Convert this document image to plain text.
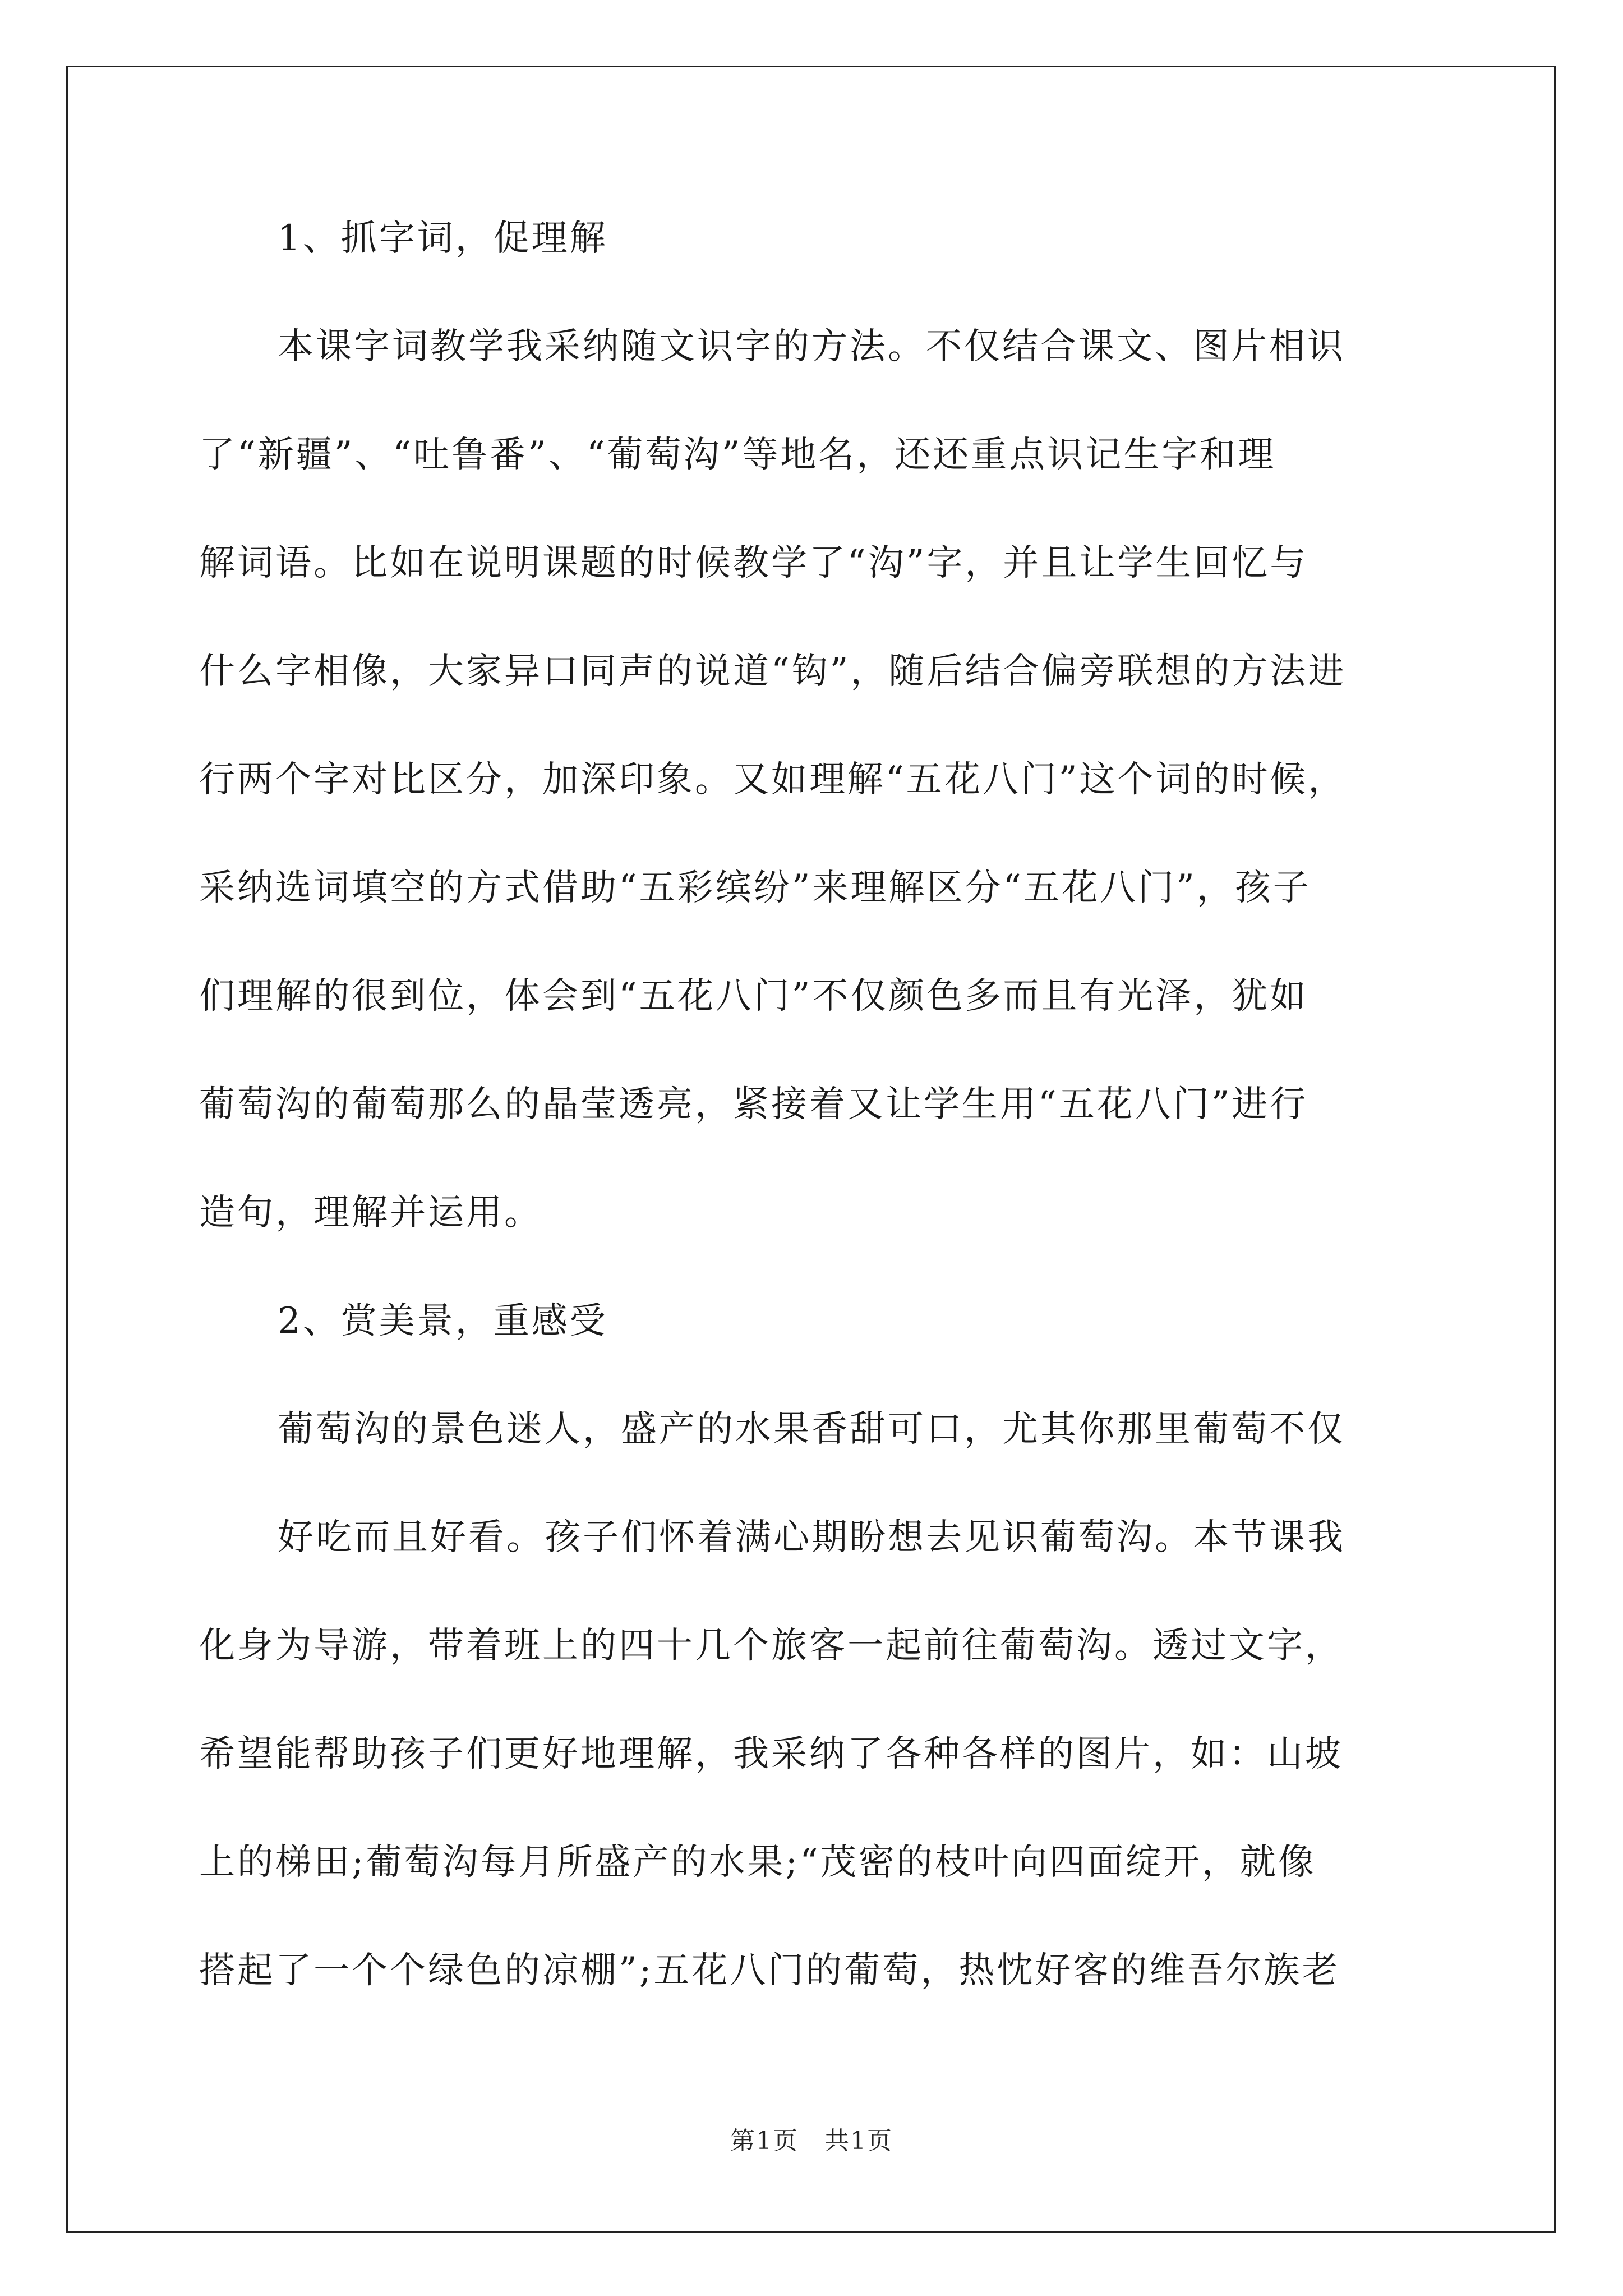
1、抓字词，促理解
本课字词教学我采纳随文识字的方法。不仅结合课文、图片相识
了“新疆”、“吐鲁番”、“葡萄沟”等地名，还还重点识记生字和理
解词语。比如在说明课题的时候教学了“沟”字，并且让学生回忆与
什么字相像，大家异口同声的说道“钩”，随后结合偏旁联想的方法进
行两个字对比区分，加深印象。又如理解“五花八门”这个词的时候，
采纳选词填空的方式借助“五彩缤纷”来理解区分“五花八门”，孩子
们理解的很到位，体会到“五花八门”不仅颜色多而且有光泽，犹如
葡萄沟的葡萄那么的晶莹透亮，紧接着又让学生用“五花八门”进行
造句，理解并运用。
2、赏美景，重感受
葡萄沟的景色迷人，盛产的水果香甜可口，尤其你那里葡萄不仅
好吃而且好看。孩子们怀着满心期盼想去见识葡萄沟。本节课我
化身为导游，带着班上的四十几个旅客一起前往葡萄沟。透过文字，
希望能帮助孩子们更好地理解，我采纳了各种各样的图片，如：山坡
上的梯田;葡萄沟每月所盛产的水果;“茂密的枝叶向四面绽开，就像
搭起了一个个绿色的凉棚”;五花八门的葡萄，热忱好客的维吾尔族老
第1页　共1页
